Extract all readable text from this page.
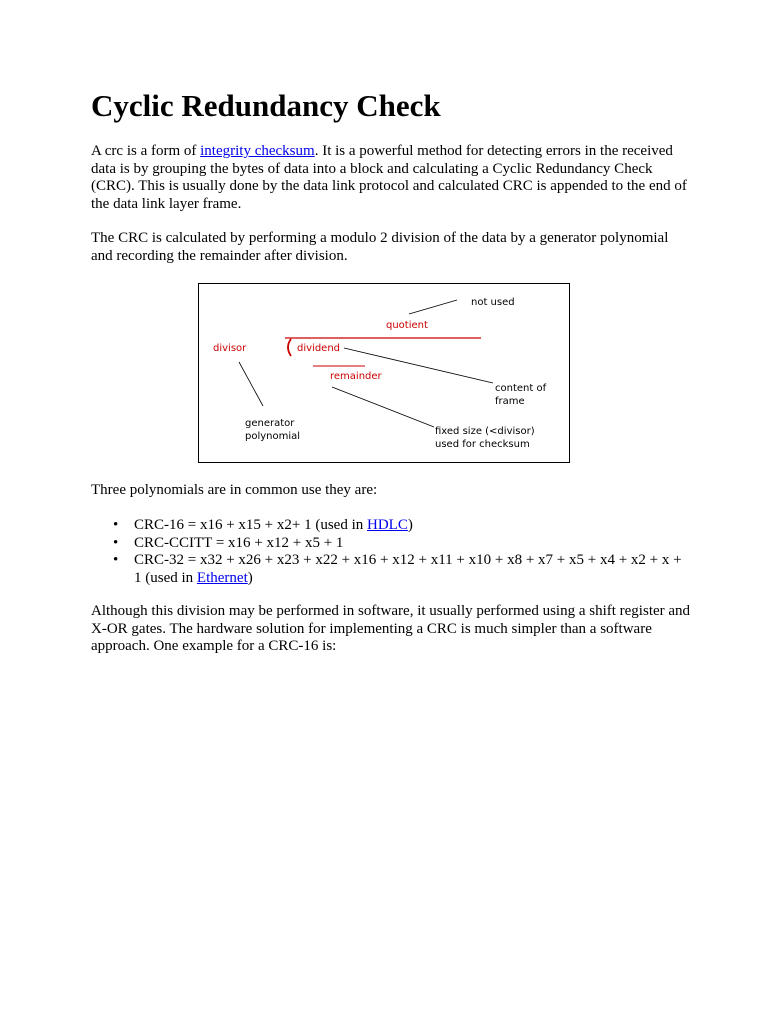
Cyclic Redundancy Check

A crc is a form of integrity checksum. It is a powerful method for detecting errors in the received data is by grouping the bytes of data into a block and calculating a Cyclic Redundancy Check (CRC). This is usually done by the data link protocol and calculated CRC is appended to the end of the data link layer frame.

The CRC is calculated by performing a modulo 2 division of the data by a generator polynomial and recording the remainder after division.

not used
quotient
divisor	dividend
remainder
content of
frame
generator
polynomial	fixed size (<divisor)
used for checksum

Three polynomials are in common use they are:

• CRC-16 = x16 + x15 + x2+ 1 (used in HDLC)
• CRC-CCITT = x16 + x12 + x5 + 1
• CRC-32 = x32 + x26 + x23 + x22 + x16 + x12 + x11 + x10 + x8 + x7 + x5 + x4 + x2 + x + 1 (used in Ethernet)

Although this division may be performed in software, it usually performed using a shift register and X-OR gates. The hardware solution for implementing a CRC is much simpler than a software approach. One example for a CRC-16 is:
